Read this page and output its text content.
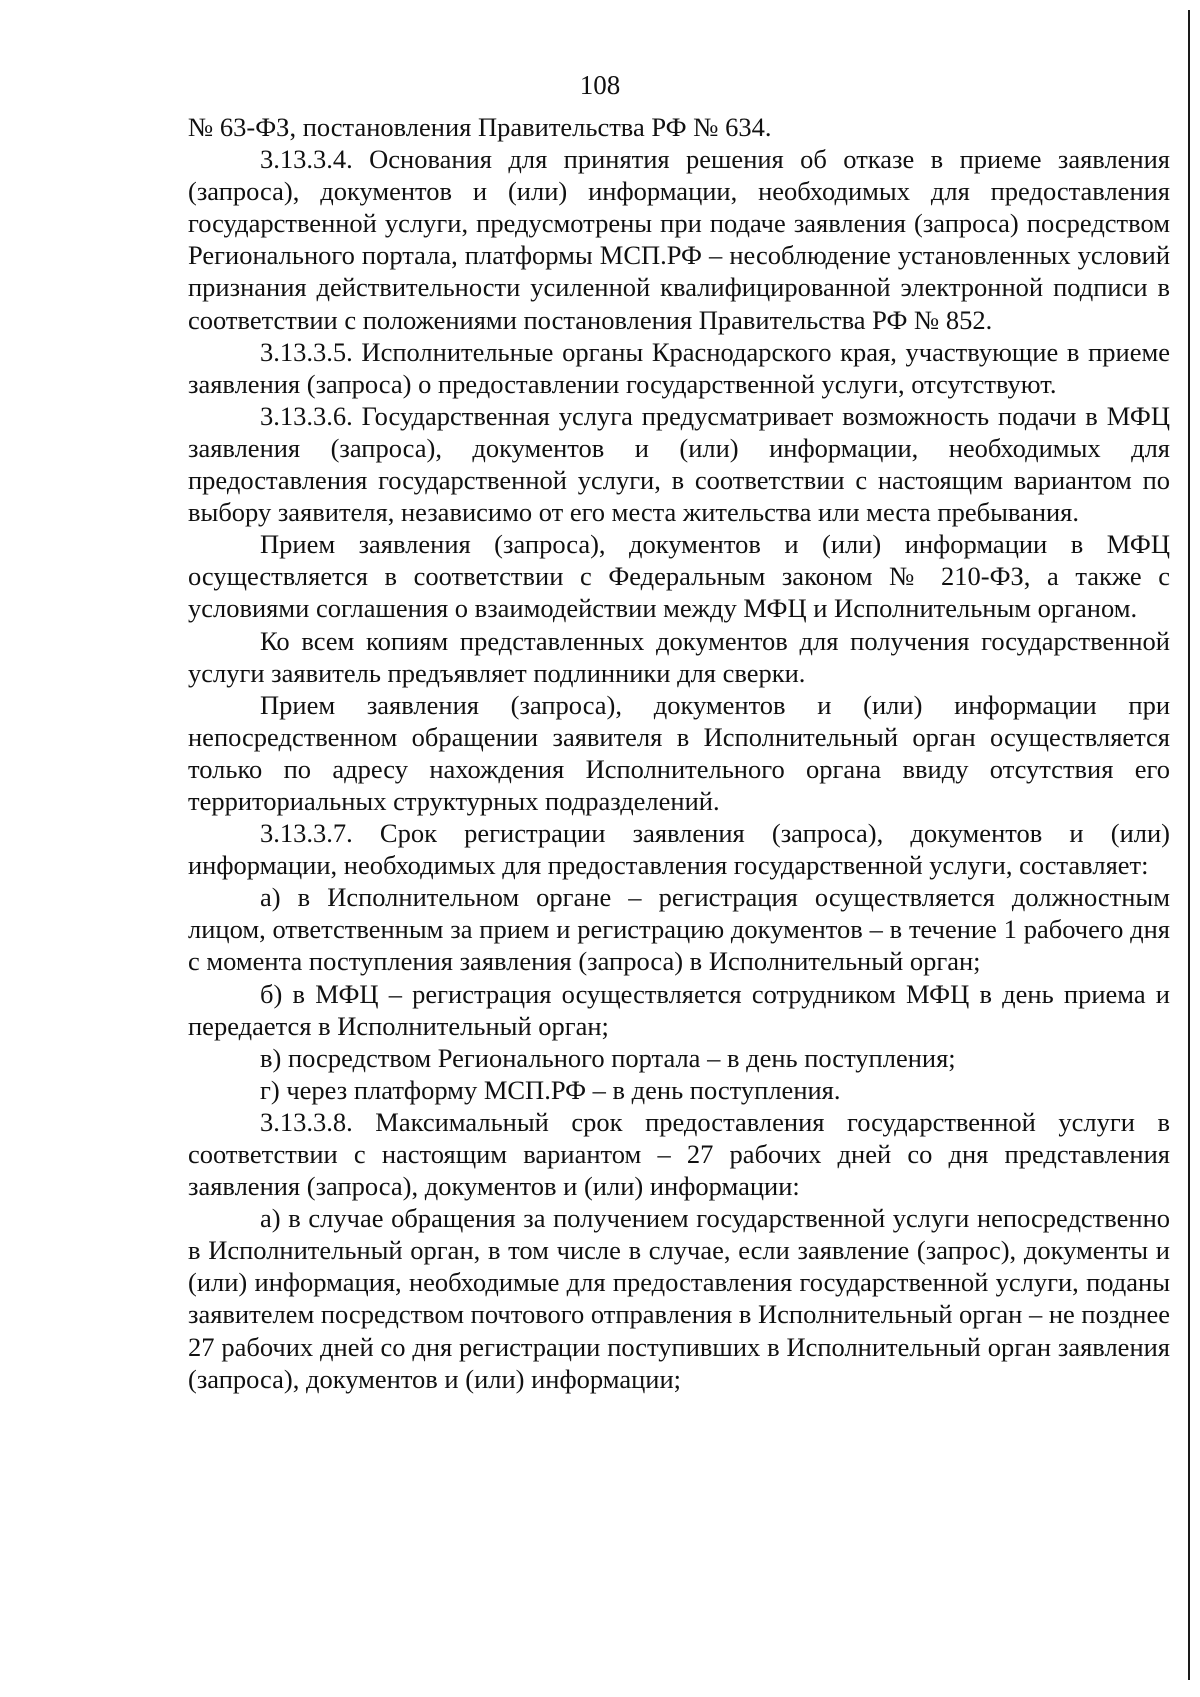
108

№ 63-ФЗ, постановления Правительства РФ № 634.

3.13.3.4. Основания для принятия решения об отказе в приеме заявления (запроса), документов и (или) информации, необходимых для предоставления государственной услуги, предусмотрены при подаче заявления (запроса) посредством Регионального портала, платформы МСП.РФ – несоблюдение установленных условий признания действительности усиленной квалифицированной электронной подписи в соответствии с положениями постановления Правительства РФ № 852.

3.13.3.5. Исполнительные органы Краснодарского края, участвующие в приеме заявления (запроса) о предоставлении государственной услуги, отсутствуют.

3.13.3.6. Государственная услуга предусматривает возможность подачи в МФЦ заявления (запроса), документов и (или) информации, необходимых для предоставления государственной услуги, в соответствии с настоящим вариантом по выбору заявителя, независимо от его места жительства или места пребывания.

Прием заявления (запроса), документов и (или) информации в МФЦ осуществляется в соответствии с Федеральным законом № 210-ФЗ, а также с условиями соглашения о взаимодействии между МФЦ и Исполнительным органом.

Ко всем копиям представленных документов для получения государственной услуги заявитель предъявляет подлинники для сверки.

Прием заявления (запроса), документов и (или) информации при непосредственном обращении заявителя в Исполнительный орган осуществляется только по адресу нахождения Исполнительного органа ввиду отсутствия его территориальных структурных подразделений.

3.13.3.7. Срок регистрации заявления (запроса), документов и (или) информации, необходимых для предоставления государственной услуги, составляет:

а) в Исполнительном органе – регистрация осуществляется должностным лицом, ответственным за прием и регистрацию документов – в течение 1 рабочего дня с момента поступления заявления (запроса) в Исполнительный орган;

б) в МФЦ – регистрация осуществляется сотрудником МФЦ в день приема и передается в Исполнительный орган;

в) посредством Регионального портала – в день поступления;

г) через платформу МСП.РФ – в день поступления.

3.13.3.8. Максимальный срок предоставления государственной услуги в соответствии с настоящим вариантом – 27 рабочих дней со дня представления заявления (запроса), документов и (или) информации:

а) в случае обращения за получением государственной услуги непосредственно в Исполнительный орган, в том числе в случае, если заявление (запрос), документы и (или) информация, необходимые для предоставления государственной услуги, поданы заявителем посредством почтового отправления в Исполнительный орган – не позднее 27 рабочих дней со дня регистрации поступивших в Исполнительный орган заявления (запроса), документов и (или) информации;
